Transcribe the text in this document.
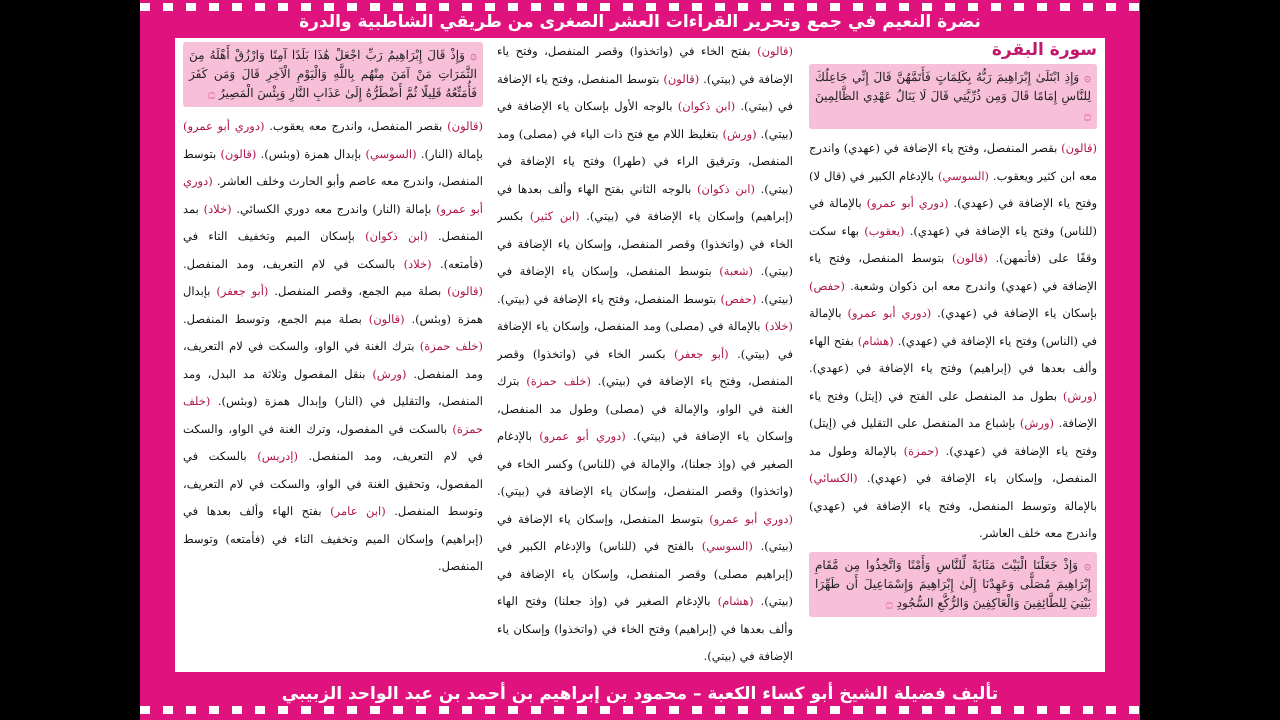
نضرة النعيم في جمع وتحرير القراءات العشر الصغرى من طريقي الشاطبية والدرة
سورة البقرة
۞ وَإِذِ ابْتَلَىٰ إِبْرَاهِيمَ رَبُّهُ بِكَلِمَاتٍ فَأَتَمَّهُنَّ قَالَ إِنِّي جَاعِلُكَ لِلنَّاسِ إِمَامًا قَالَ وَمِن ذُرِّيَّتِي قَالَ لَا يَنَالُ عَهْدِي الظَّالِمِينَ ۝

(قالون) بقصر المنفصل، وفتح ياء الإضافة في (عهدي) واندرج معه ابن كثير ويعقوب. (السوسي) بالإدغام الكبير في (قال لا) وفتح ياء الإضافة في (عهدي). (دوري أبو عمرو) بالإمالة في (للناس) وفتح ياء الإضافة في (عهدي). (يعقوب) بهاء سكت وقفًا على (فأتمهن). (قالون) بتوسط المنفصل، وفتح ياء الإضافة في (عهدي) واندرج معه ابن ذكوان وشعبة. (حفص) بإسكان ياء الإضافة في (عهدي). (دوري أبو عمرو) بالإمالة في (الناس) وفتح ياء الإضافة في (عهدي). (هشام) بفتح الهاء وألف بعدها في (إبراهيم) وفتح ياء الإضافة في (عهدي). (ورش) بطول مد المنفصل على الفتح في (إيتل) وفتح ياء الإضافة. (ورش) بإشباع مد المنفصل على التقليل في (إيتل) وفتح ياء الإضافة في (عهدي). (حمزة) بالإمالة وطول مد المنفصل، وإسكان ياء الإضافة في (عهدي). (الكسائي) بالإمالة وتوسط المنفصل، وفتح ياء الإضافة في (عهدي) واندرج معه خلف العاشر.

۞ وَإِذْ جَعَلْنَا الْبَيْتَ مَثَابَةً لِّلنَّاسِ وَأَمْنًا وَاتَّخِذُوا مِن مَّقَامِ إِبْرَاهِيمَ مُصَلًّى وَعَهِدْنَا إِلَىٰ إِبْرَاهِيمَ وَإِسْمَاعِيلَ أَن طَهِّرَا بَيْتِيَ لِلطَّائِفِينَ وَالْعَاكِفِينَ وَالرُّكَّعِ السُّجُودِ ۝

(قالون) بفتح الخاء في (واتخذوا) وقصر المنفصل، وفتح ياء الإضافة في (بيتي). (قالون) بتوسط المنفصل، وفتح ياء الإضافة في (بيتي). (ابن ذكوان) بالوجه الأول بإسكان ياء الإضافة في (بيتي). (ورش) بتغليظ اللام مع فتح ذات الياء في (مصلى) ومد المنفصل، وترقيق الراء في (طهرا) وفتح ياء الإضافة في (بيتي). (ابن ذكوان) بالوجه الثاني بفتح الهاء وألف بعدها في (إبراهيم) وإسكان ياء الإضافة في (بيتي). (ابن كثير) بكسر الخاء في (واتخذوا) وقصر المنفصل، وإسكان ياء الإضافة في (بيتي). (شعبة) بتوسط المنفصل، وإسكان ياء الإضافة في (بيتي). (حفص) بتوسط المنفصل، وفتح ياء الإضافة في (بيتي). (خلاد) بالإمالة في (مصلى) ومد المنفصل، وإسكان ياء الإضافة في (بيتي). (أبو جعفر) بكسر الخاء في (واتخذوا) وقصر المنفصل، وفتح ياء الإضافة في (بيتي). (خلف حمزة) بترك الغنة في الواو، والإمالة في (مصلى) وطول مد المنفصل، وإسكان ياء الإضافة في (بيتي). (دوري أبو عمرو) بالإدغام الصغير في (وإذ جعلنا)، والإمالة في (للناس) وكسر الخاء في (واتخذوا) وقصر المنفصل، وإسكان ياء الإضافة في (بيتي). (دوري أبو عمرو) بتوسط المنفصل، وإسكان ياء الإضافة في (بيتي). (السوسي) بالفتح في (للناس) والإدغام الكبير في (إبراهيم مصلى) وقصر المنفصل، وإسكان ياء الإضافة في (بيتي). (هشام) بالإدغام الصغير في (وإذ جعلنا) وفتح الهاء وألف بعدها في (إبراهيم) وفتح الخاء في (واتخذوا) وإسكان ياء الإضافة في (بيتي).

۞ وَإِذْ قَالَ إِبْرَاهِيمُ رَبِّ اجْعَلْ هَٰذَا بَلَدًا آمِنًا وَارْزُقْ أَهْلَهُ مِنَ الثَّمَرَاتِ مَنْ آمَنَ مِنْهُم بِاللَّهِ وَالْيَوْمِ الْآخِرِ قَالَ وَمَن كَفَرَ فَأُمَتِّعُهُ قَلِيلًا ثُمَّ أَضْطَرُّهُ إِلَىٰ عَذَابِ النَّارِ وَبِئْسَ الْمَصِيرُ ۝

(قالون) بقصر المنفصل، واندرج معه يعقوب. (دوري أبو عمرو) بإمالة (النار). (السوسي) بإبدال همزة (وبئس). (قالون) بتوسط المنفصل، واندرج معه عاصم وأبو الحارث وخلف العاشر. (دوري أبو عمرو) بإمالة (النار) واندرج معه دوري الكسائي. (خلاد) بمد المنفصل. (ابن ذكوان) بإسكان الميم وتخفيف التاء في (فأمتعه). (خلاد) بالسكت في لام التعريف، ومد المنفصل. (قالون) بصلة ميم الجمع، وقصر المنفصل. (أبو جعفر) بإبدال همزة (وبئس). (قالون) بصلة ميم الجمع، وتوسط المنفصل. (خلف حمزة) بترك الغنة في الواو، والسكت في لام التعريف، ومد المنفصل. (ورش) بنقل المفصول وثلاثة مد البدل، ومد المنفصل، والتقليل في (النار) وإبدال همزة (وبئس). (خلف حمزة) بالسكت في المفصول، وترك الغنة في الواو، والسكت في لام التعريف، ومد المنفصل. (إدريس) بالسكت في المفصول، وتحقيق الغنة في الواو، والسكت في لام التعريف، وتوسط المنفصل. (ابن عامر) بفتح الهاء وألف بعدها في (إبراهيم) وإسكان الميم وتخفيف التاء في (فأمتعه) وتوسط المنفصل.

تأليف فضيلة الشيخ أبو كساء الكعبة – محمود بن إبراهيم بن أحمد بن عبد الواحد الزبيبي
